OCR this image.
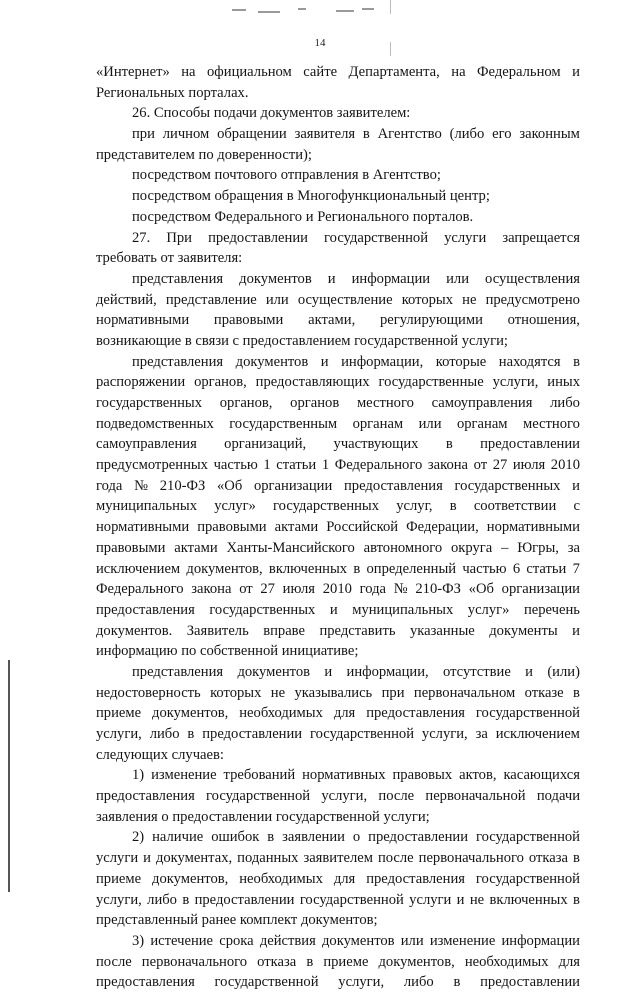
14
«Интернет» на официальном сайте Департамента, на Федеральном и
Региональных порталах.
26. Способы подачи документов заявителем:
при личном обращении заявителя в Агентство (либо его законным
представителем по доверенности);
посредством почтового отправления в Агентство;
посредством обращения в Многофункциональный центр;
посредством Федерального и Регионального порталов.
27. При предоставлении государственной услуги запрещается
требовать от заявителя:
представления документов и информации или осуществления
действий, представление или осуществление которых не предусмотрено
нормативными правовыми актами, регулирующими отношения,
возникающие в связи с предоставлением государственной услуги;
представления документов и информации, которые находятся в
распоряжении органов, предоставляющих государственные услуги, иных
государственных органов, органов местного самоуправления либо
подведомственных государственным органам или органам местного
самоуправления организаций, участвующих в предоставлении
предусмотренных частью 1 статьи 1 Федерального закона от 27 июля 2010
года № 210-ФЗ «Об организации предоставления государственных и
муниципальных услуг» государственных услуг, в соответствии с
нормативными правовыми актами Российской Федерации, нормативными
правовыми актами Ханты-Мансийского автономного округа – Югры, за
исключением документов, включенных в определенный частью 6 статьи 7
Федерального закона от 27 июля 2010 года № 210-ФЗ «Об организации
предоставления государственных и муниципальных услуг» перечень
документов. Заявитель вправе представить указанные документы и
информацию по собственной инициативе;
представления документов и информации, отсутствие и (или)
недостоверность которых не указывались при первоначальном отказе в
приеме документов, необходимых для предоставления государственной
услуги, либо в предоставлении государственной услуги, за исключением
следующих случаев:
1) изменение требований нормативных правовых актов, касающихся
предоставления государственной услуги, после первоначальной подачи
заявления о предоставлении государственной услуги;
2) наличие ошибок в заявлении о предоставлении государственной
услуги и документах, поданных заявителем после первоначального отказа в
приеме документов, необходимых для предоставления государственной
услуги, либо в предоставлении государственной услуги и не включенных в
представленный ранее комплект документов;
3) истечение срока действия документов или изменение информации
после первоначального отказа в приеме документов, необходимых для
предоставления государственной услуги, либо в предоставлении
